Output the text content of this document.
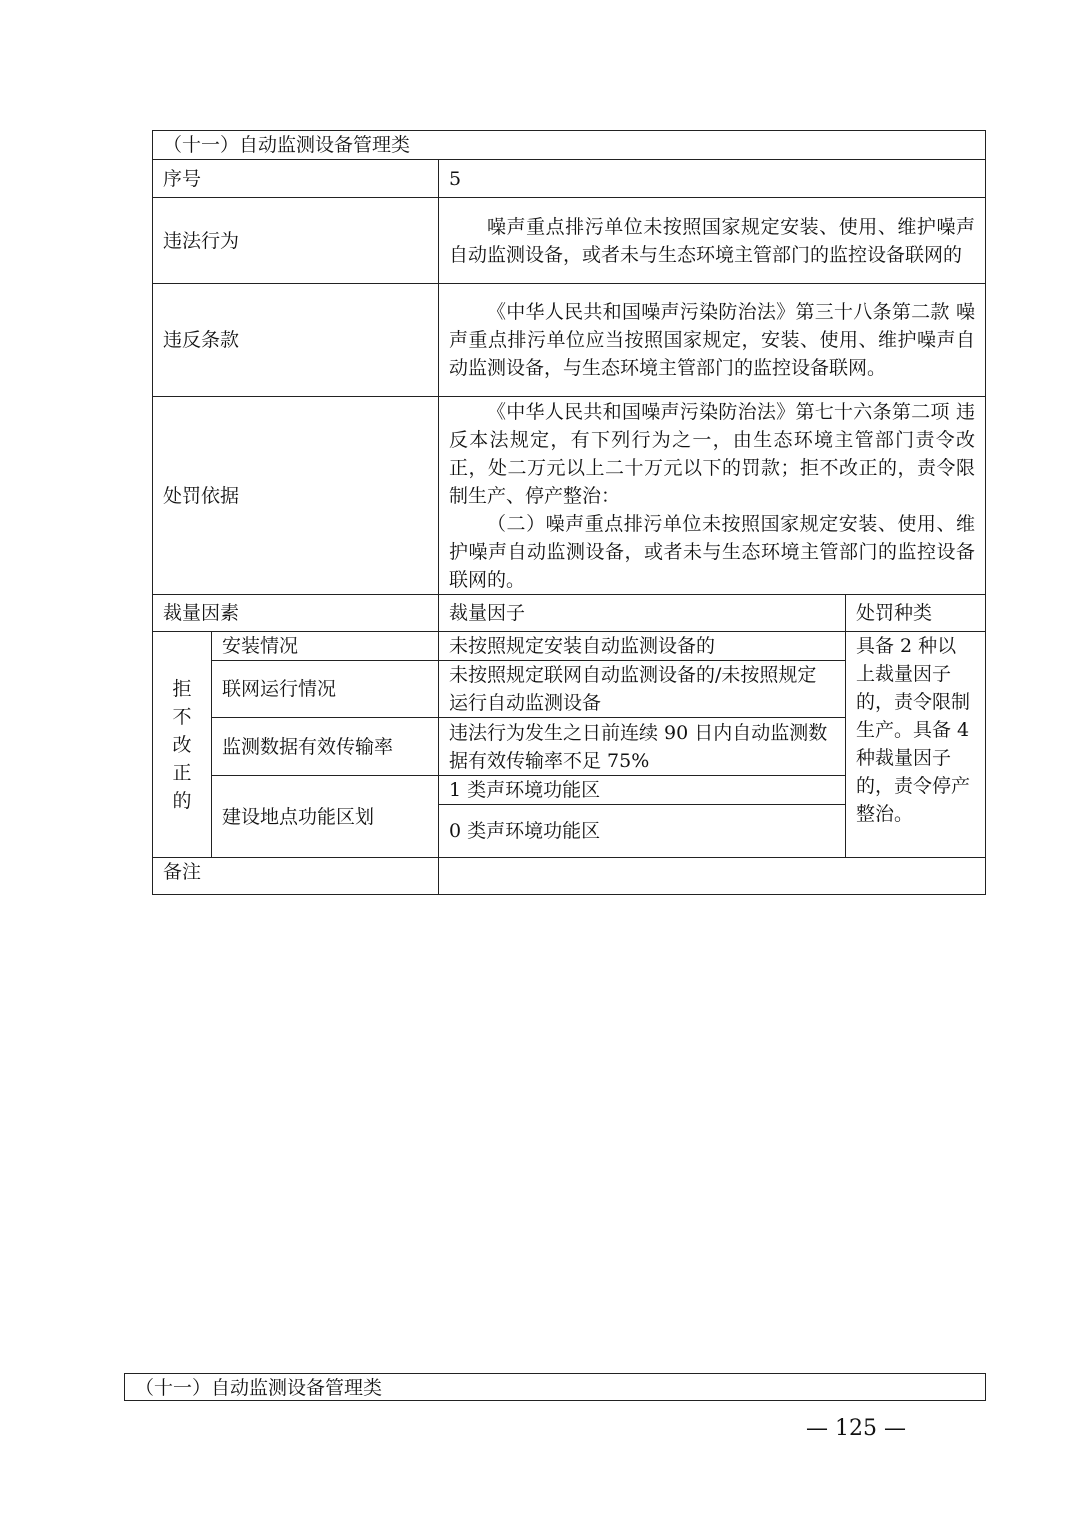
（十一）自动监测设备管理类			
序号		5	
违法行为		噪声重点排污单位未按照国家规定安装、使用、维护噪声自动监测设备，或者未与生态环境主管部门的监控设备联网的	
违反条款		《中华人民共和国噪声污染防治法》第三十八条第二款 噪声重点排污单位应当按照国家规定，安装、使用、维护噪声自动监测设备，与生态环境主管部门的监控设备联网。	
处罚依据		《中华人民共和国噪声污染防治法》第七十六条第二项 违反本法规定，有下列行为之一，由生态环境主管部门责令改正，处二万元以上二十万元以下的罚款；拒不改正的，责令限制生产、停产整治：
（二）噪声重点排污单位未按照国家规定安装、使用、维护噪声自动监测设备，或者未与生态环境主管部门的监控设备联网的。	

裁量因素		裁量因子	处罚种类
拒不改正的	安装情况	未按照规定安装自动监测设备的	具备 2 种以上裁量因子的，责令限制生产。具备 4 种裁量因子的，责令停产整治。
	联网运行情况	未按照规定联网自动监测设备的/未按照规定运行自动监测设备	
	监测数据有效传输率	违法行为发生之日前连续 90 日内自动监测数据有效传输率不足 75%	
	建设地点功能区划	1 类声环境功能区	
		0 类声环境功能区	
备注			
（十一）自动监测设备管理类
— 125 —
